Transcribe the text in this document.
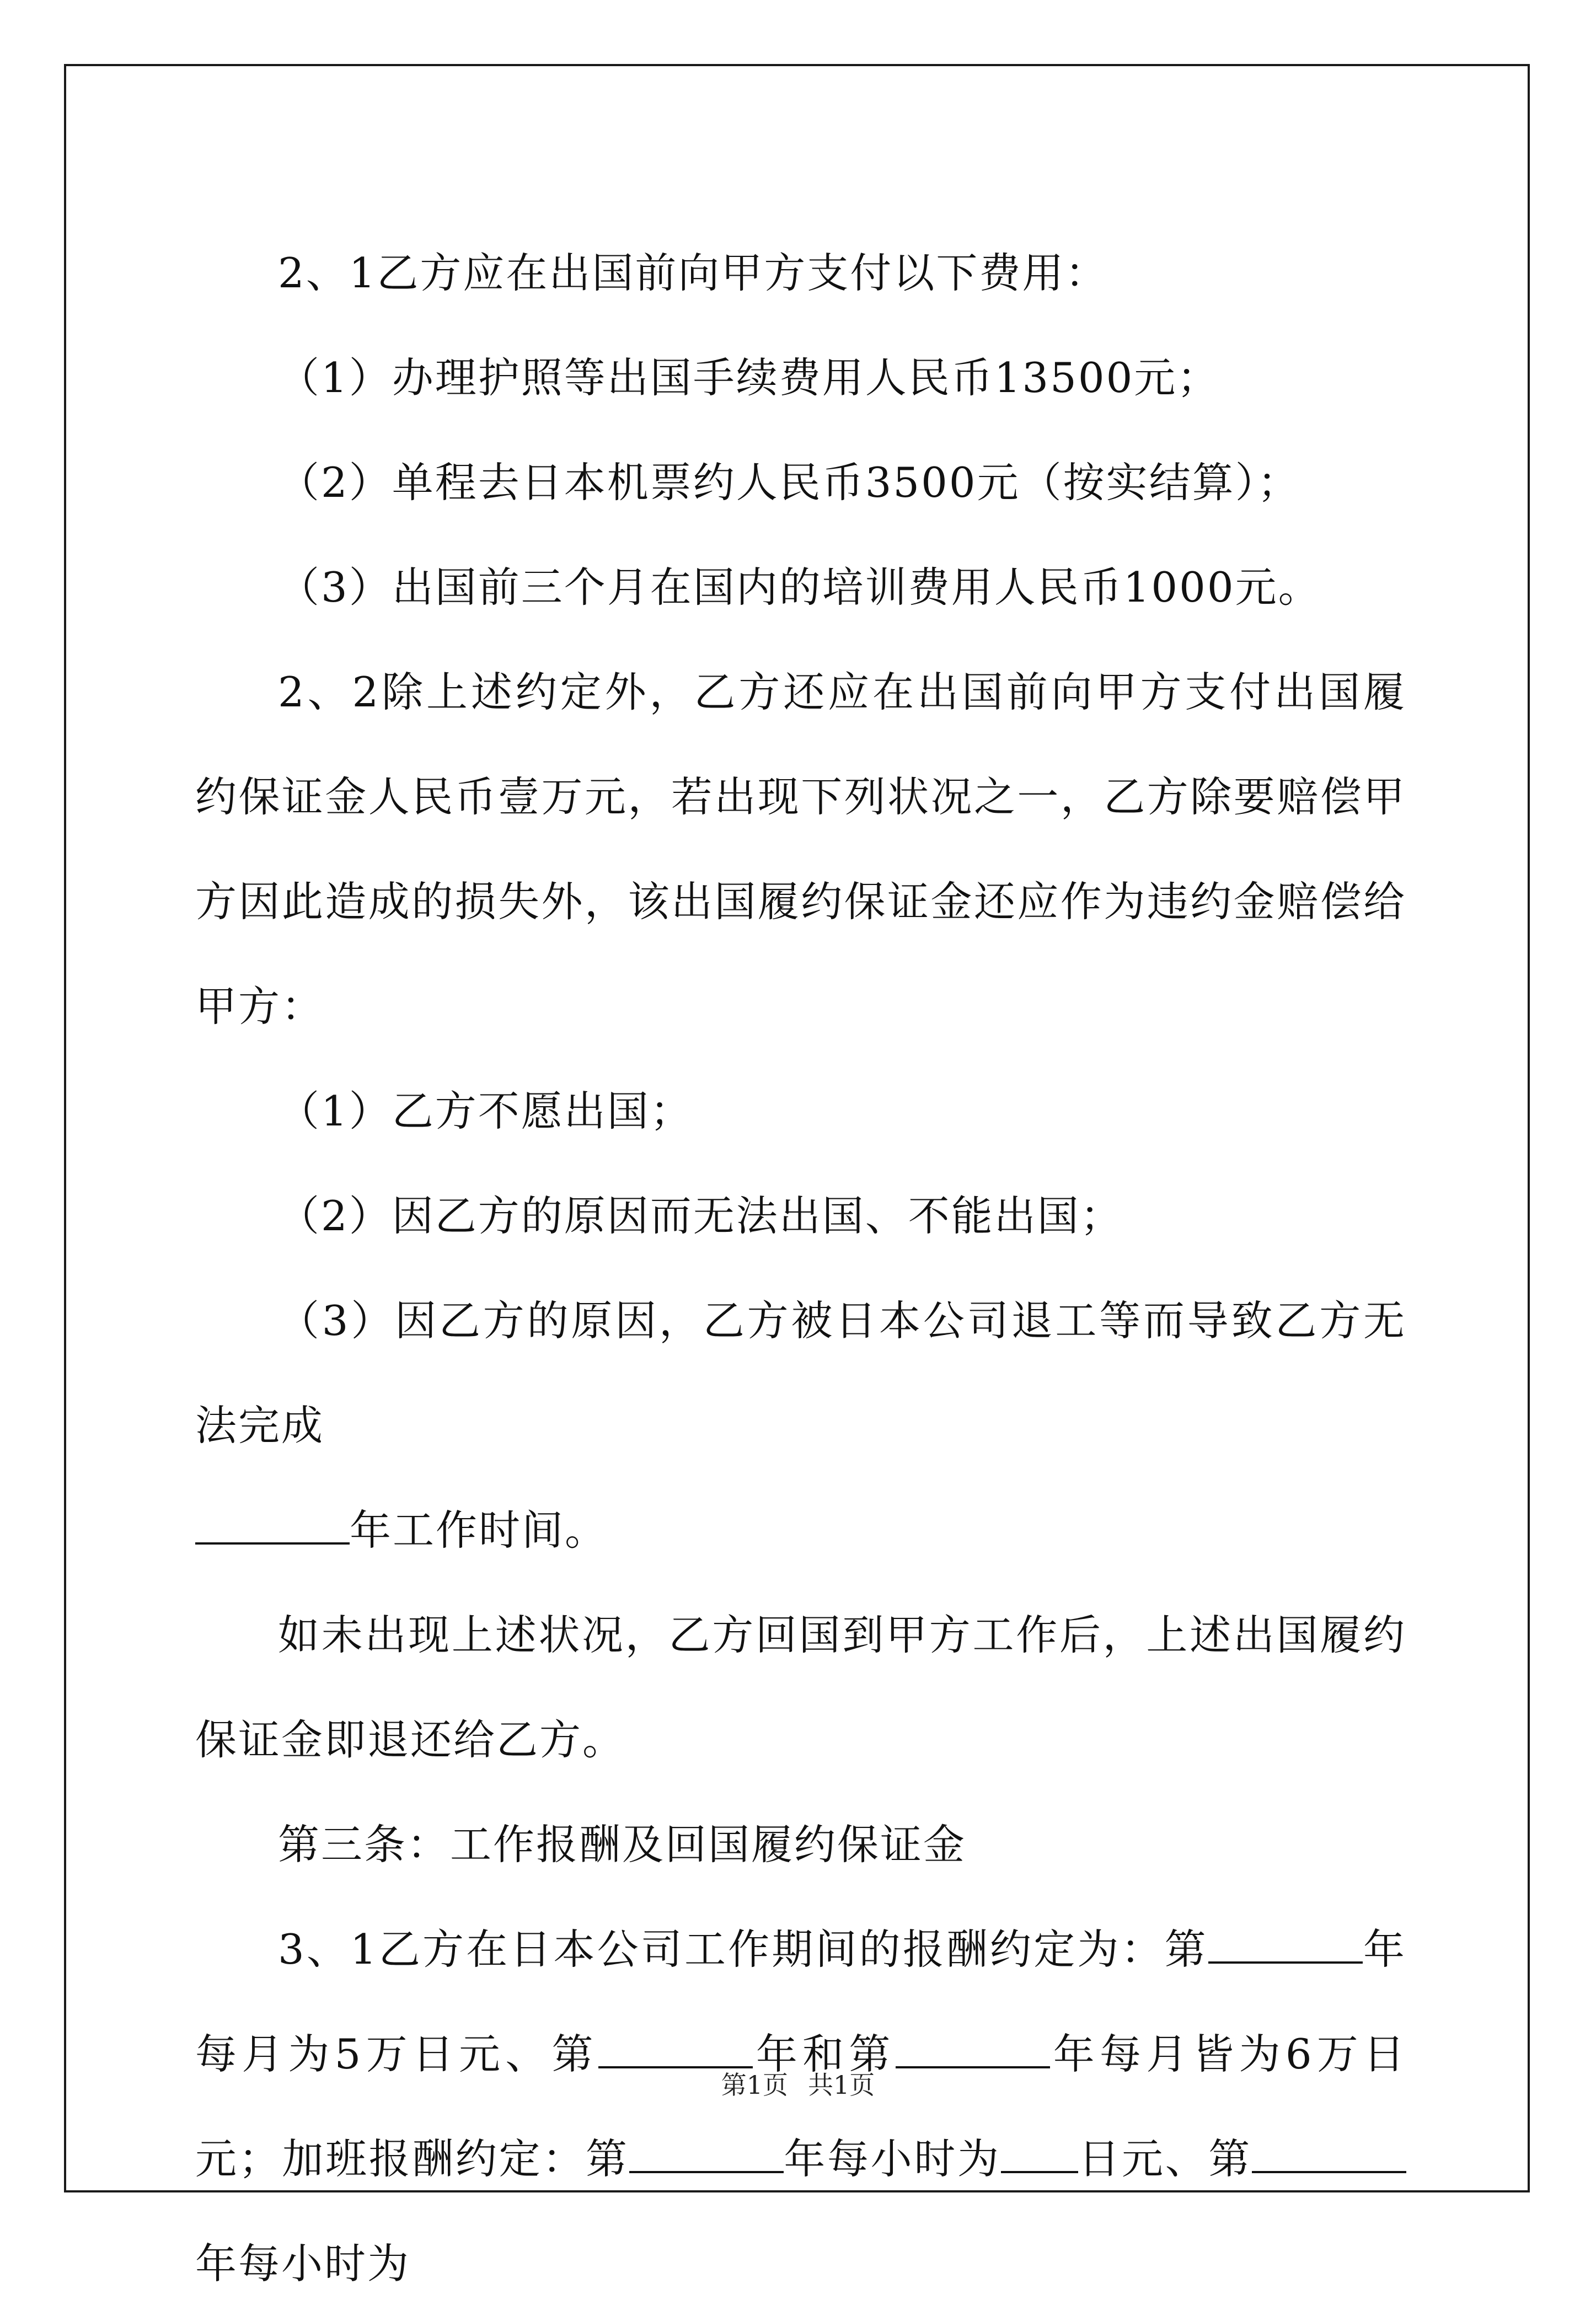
2、1乙方应在出国前向甲方支付以下费用：

（1）办理护照等出国手续费用人民币13500元；

（2）单程去日本机票约人民币3500元（按实结算）；

（3）出国前三个月在国内的培训费用人民币1000元。

2、2除上述约定外，乙方还应在出国前向甲方支付出国履约保证金人民币壹万元，若出现下列状况之一，乙方除要赔偿甲方因此造成的损失外，该出国履约保证金还应作为违约金赔偿给甲方：

（1）乙方不愿出国；

（2）因乙方的原因而无法出国、不能出国；

（3）因乙方的原因，乙方被日本公司退工等而导致乙方无法完成

年工作时间。

如未出现上述状况，乙方回国到甲方工作后，上述出国履约保证金即退还给乙方。

第三条：工作报酬及回国履约保证金

3、1乙方在日本公司工作期间的报酬约定为：第	年每月为5万日元、第	年和第	年每月皆为6万日元；加班报酬约定：第	年每小时为 日元、第年每小时为

第1页 共1页
